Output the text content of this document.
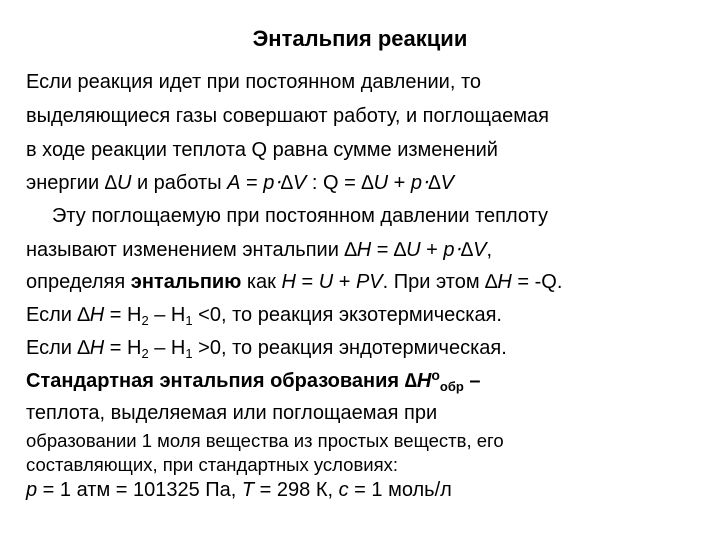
Энтальпия реакции
Если реакция идет при постоянном давлении, то
выделяющиеся газы совершают работу, и поглощаемая
в ходе реакции теплота Q равна сумме изменений
энергии ∆U и работы A = p⋅∆V : Q = ∆U + p⋅∆V
Эту поглощаемую при постоянном давлении теплоту
называют изменением энтальпии ∆H = ∆U + p⋅∆V,
определяя энтальпию как H = U + PV. При этом ∆H = -Q.
Если $\Delta H = H_2 - H_1 <0$, то реакция экзотермическая.
Если $\Delta H = H_2 - H_1 >0$, то реакция эндотермическая.
Стандартная энтальпия образования $\Delta H^o_{обр}$ –
теплота, выделяемая или поглощаемая при
образовании 1 моля вещества из простых веществ, его
составляющих, при стандартных условиях:
p = 1 атм = 101325 Па, T = 298 К, c = 1 моль/л
